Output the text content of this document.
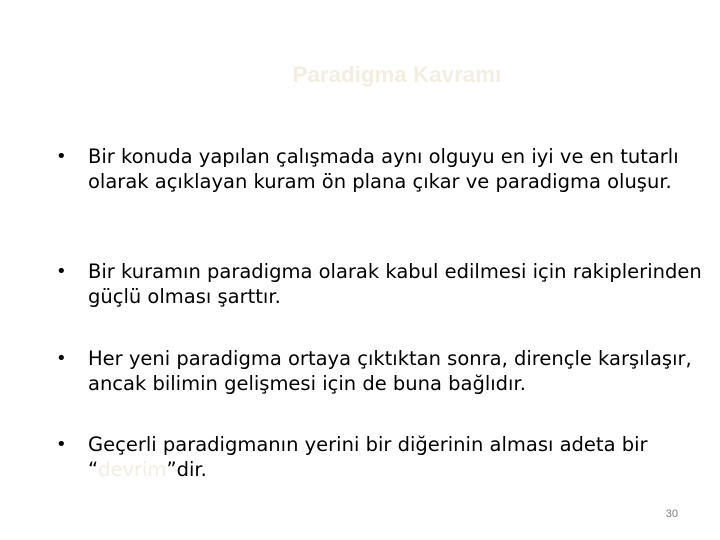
Paradigma Kavramı
•	Bir konuda yapılan çalışmada aynı olguyu en iyi ve en tutarlı olarak açıklayan kuram ön plana çıkar ve paradigma oluşur.
•	Bir kuramın paradigma olarak kabul edilmesi için rakiplerinden güçlü olması şarttır.
•	Her yeni paradigma ortaya çıktıktan sonra, dirençle karşılaşır, ancak bilimin gelişmesi için de buna bağlıdır.
•	Geçerli paradigmanın yerini bir diğerinin alması adeta bir “devrim”dir.
30
